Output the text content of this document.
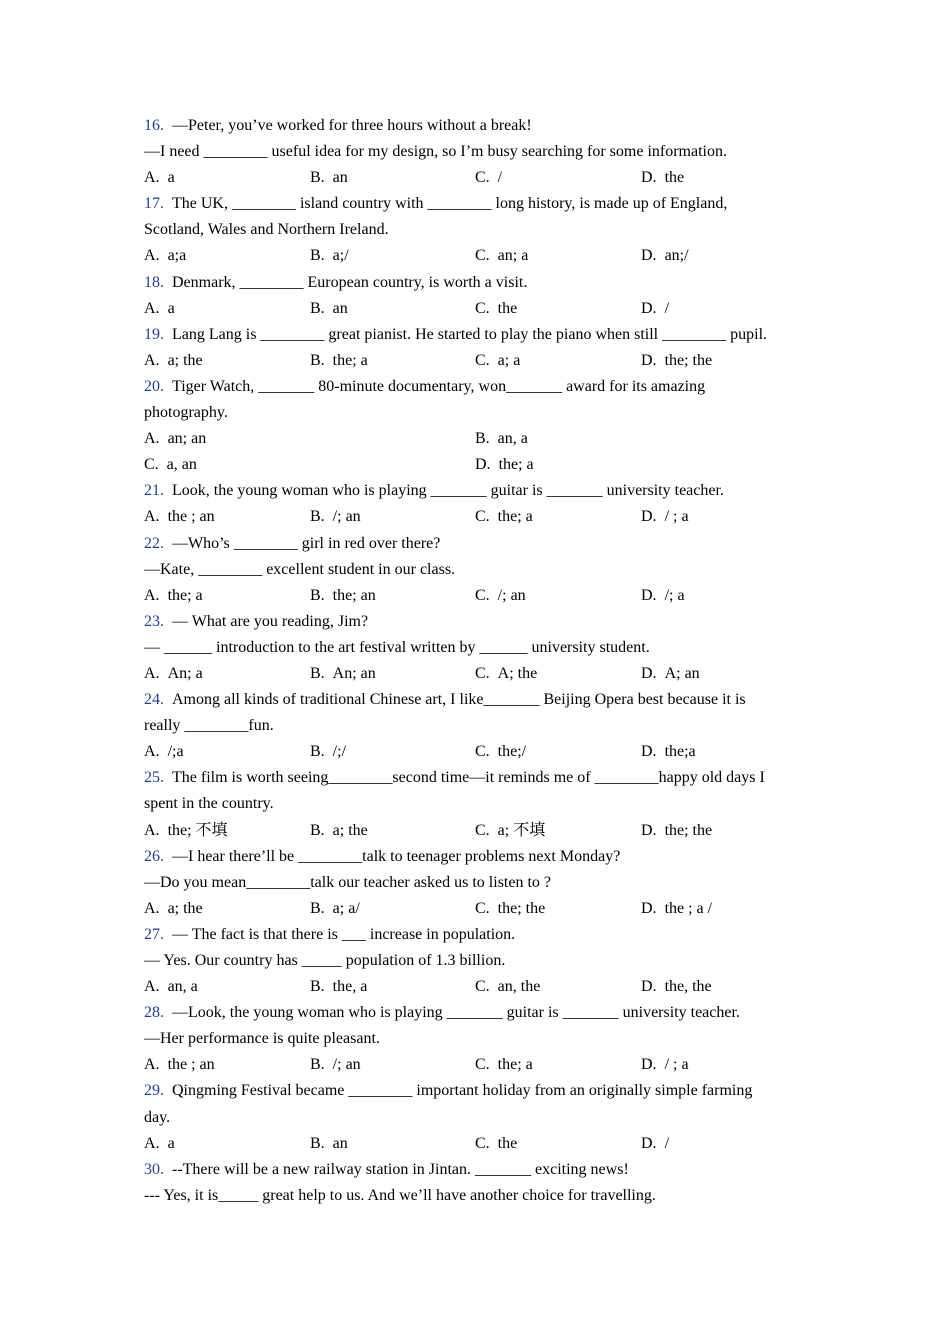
16.  —Peter, you’ve worked for three hours without a break!
—I need ________ useful idea for my design, so I’m busy searching for some information.
A.  a	B.  an	C.  /	D.  the
17.  The UK, ________ island country with ________ long history, is made up of England,
Scotland, Wales and Northern Ireland.
A.  a;a	B.  a;/	C.  an; a	D.  an;/
18.  Denmark, ________ European country, is worth a visit.
A.  a	B.  an	C.  the	D.  /
19.  Lang Lang is ________ great pianist. He started to play the piano when still ________ pupil.
A.  a; the	B.  the; a	C.  a; a	D.  the; the
20.  Tiger Watch, _______ 80-minute documentary, won_______ award for its amazing
photography.
A.  an; an	B.  an, a
C.  a, an	D.  the; a
21.  Look, the young woman who is playing _______ guitar is _______ university teacher.
A.  the ; an	B.  /; an	C.  the; a	D.  / ; a
22.  —Who’s ________ girl in red over there?
—Kate, ________ excellent student in our class.
A.  the; a	B.  the; an	C.  /; an	D.  /; a
23.  — What are you reading, Jim?
— ______ introduction to the art festival written by ______ university student.
A.  An; a	B.  An; an	C.  A; the	D.  A; an
24.  Among all kinds of traditional Chinese art, I like_______ Beijing Opera best because it is
really ________fun.
A.  /;a	B.  /;/	C.  the;/	D.  the;a
25.  The film is worth seeing________second time—it reminds me of ________happy old days I
spent in the country.
A.  the; 不填	B.  a; the	C.  a; 不填	D.  the; the
26.  —I hear there’ll be ________talk to teenager problems next Monday?
—Do you mean________talk our teacher asked us to listen to ?
A.  a; the	B.  a; a/	C.  the; the	D.  the ; a /
27.  — The fact is that there is ___ increase in population.
— Yes. Our country has _____ population of 1.3 billion.
A.  an, a	B.  the, a	C.  an, the	D.  the, the
28.  —Look, the young woman who is playing _______ guitar is _______ university teacher.
—Her performance is quite pleasant.
A.  the ; an	B.  /; an	C.  the; a	D.  / ; a
29.  Qingming Festival became ________ important holiday from an originally simple farming
day.
A.  a	B.  an	C.  the	D.  /
30.  --There will be a new railway station in Jintan. _______ exciting news!
--- Yes, it is_____ great help to us. And we’ll have another choice for travelling.
